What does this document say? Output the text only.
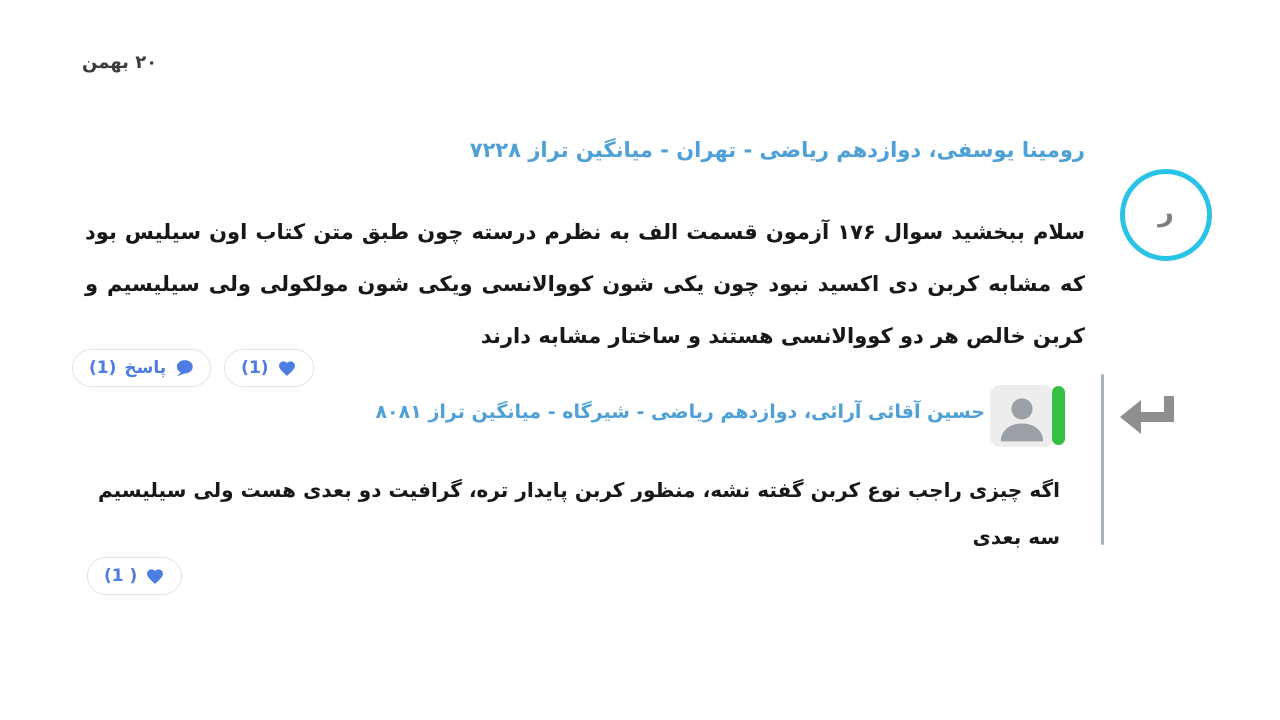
۲۰ بهمن
ر
رومینا یوسفی، دوازدهم ریاضی - تهران - میانگین تراز ۷۲۲۸
سلام ببخشید سوال ۱۷۶ آزمون قسمت الف به نظرم درسته چون طبق متن کتاب اون سیلیس بود که مشابه کربن دی اکسید نبود چون یکی شون کووالانسی ویکی شون مولکولی ولی سیلیسیم و کربن خالص هر دو کووالانسی هستند و ساختار مشابه دارند
پاسخ
(1)	(1)
حسین آقائی آرائی، دوازدهم ریاضی - شیرگاه - میانگین تراز ۸۰۸۱
اگه چیزی راجب نوع کربن گفته نشه، منظور کربن پایدار تره، گرافیت دو بعدی هست ولی سیلیسیم سه بعدی
( 1)
